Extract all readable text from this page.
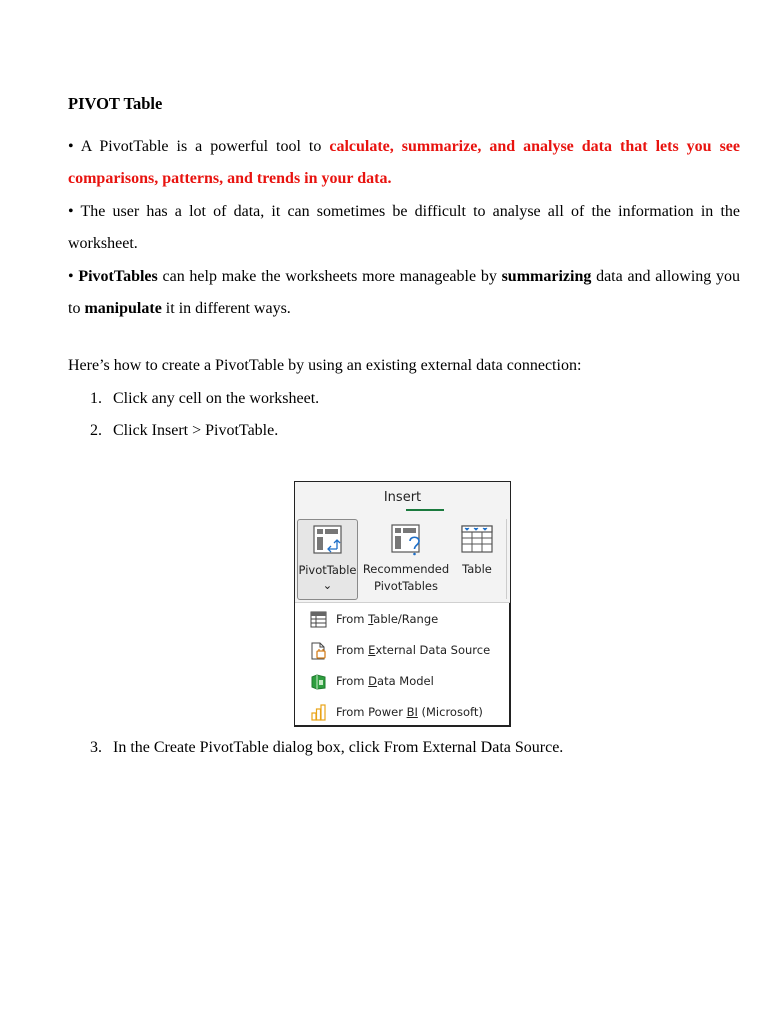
PIVOT Table

• A PivotTable is a powerful tool to calculate, summarize, and analyse data that lets you see comparisons, patterns, and trends in your data.

• The user has a lot of data, it can sometimes be difficult to analyse all of the information in the worksheet.

• PivotTables can help make the worksheets more manageable by summarizing data and allowing you to manipulate it in different ways.

Here’s how to create a PivotTable by using an existing external data connection:

1. Click any cell on the worksheet.
2. Click Insert > PivotTable.

3. In the Create PivotTable dialog box, click From External Data Source.

Insert
PivotTable
⌄
Recommended
PivotTables
Table
From Table/Range
From External Data Source
From Data Model
From Power BI (Microsoft)
